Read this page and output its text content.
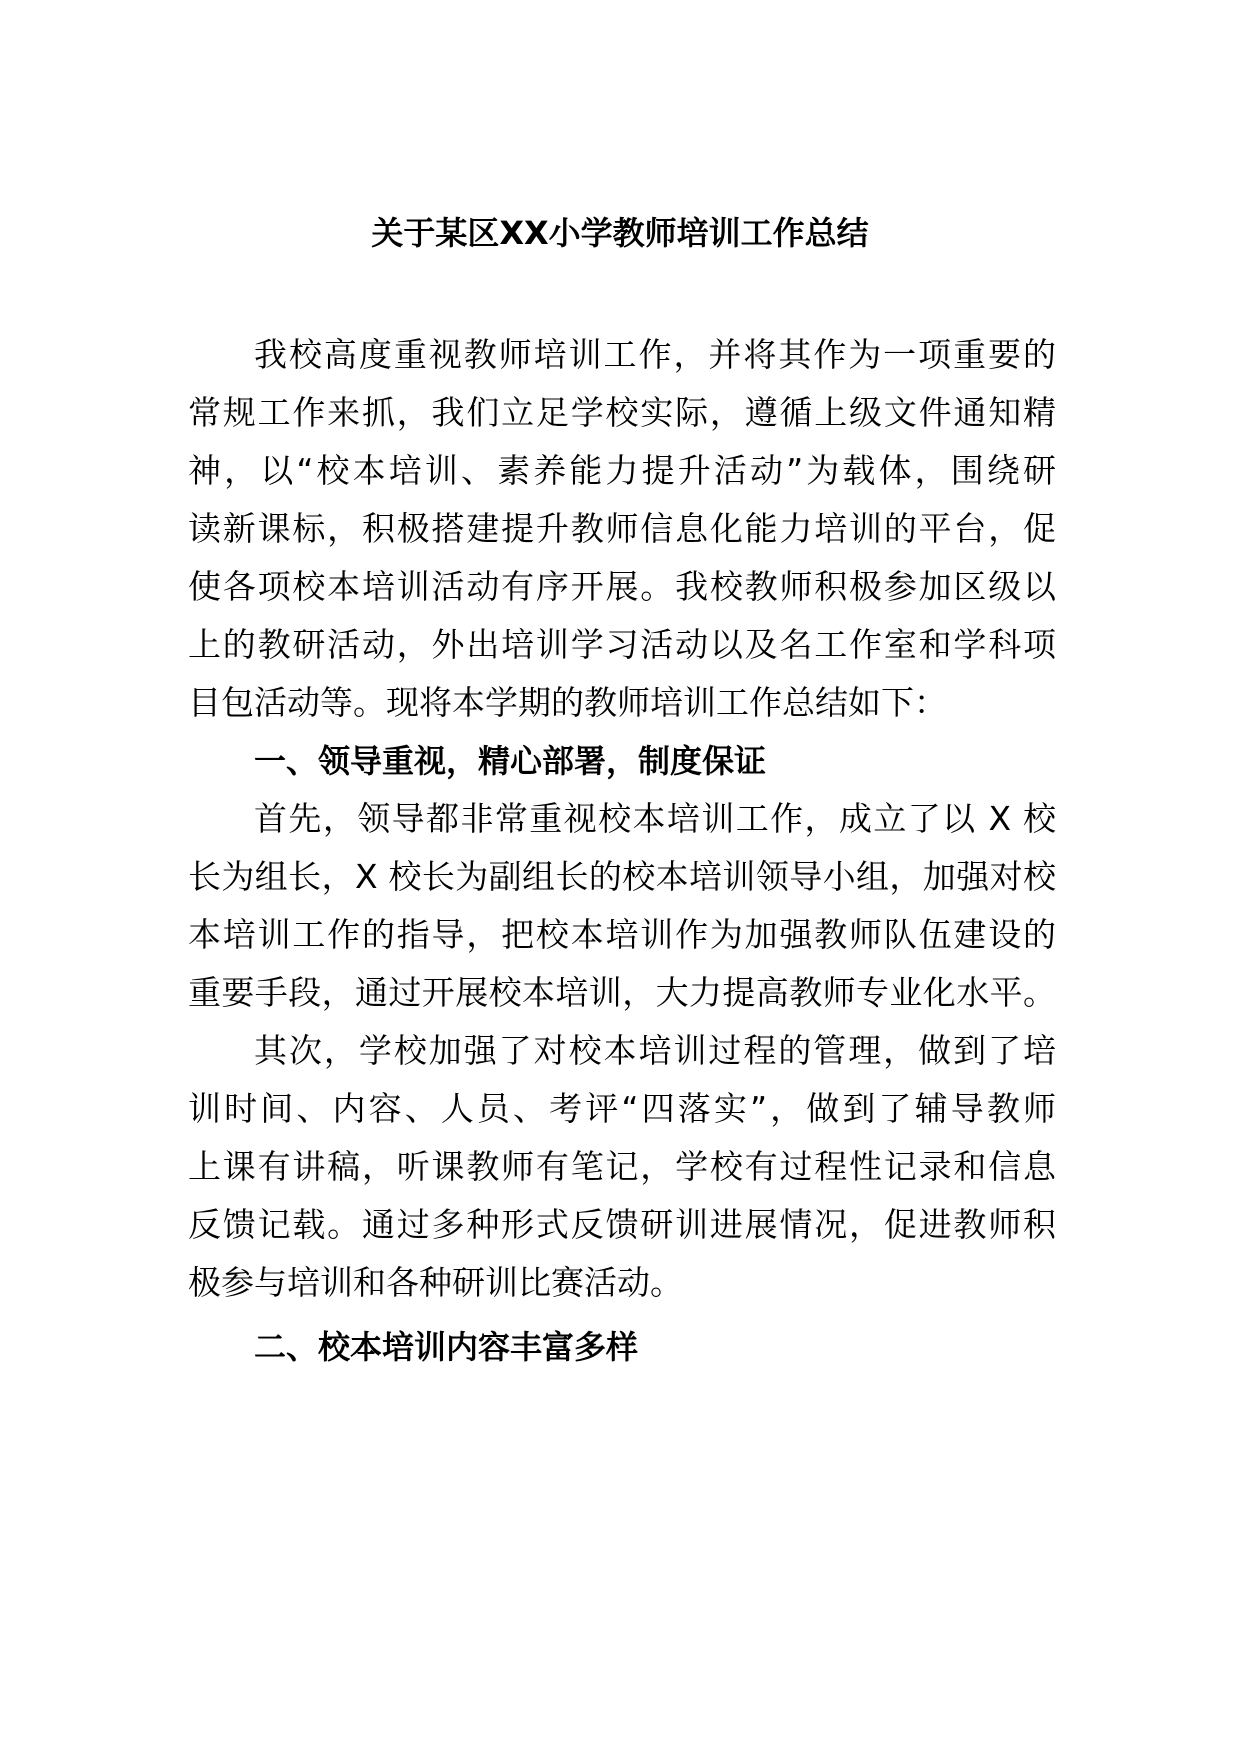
关于某区XX小学教师培训工作总结
我校高度重视教师培训工作，并将其作为一项重要的
常规工作来抓，我们立足学校实际，遵循上级文件通知精
神，以“校本培训、素养能力提升活动”为载体，围绕研
读新课标，积极搭建提升教师信息化能力培训的平台，促
使各项校本培训活动有序开展。我校教师积极参加区级以
上的教研活动，外出培训学习活动以及名工作室和学科项
目包活动等。现将本学期的教师培训工作总结如下：
一、领导重视，精心部署，制度保证
首先，领导都非常重视校本培训工作，成立了以 X 校
长为组长，X 校长为副组长的校本培训领导小组，加强对校
本培训工作的指导，把校本培训作为加强教师队伍建设的
重要手段，通过开展校本培训，大力提高教师专业化水平。
其次，学校加强了对校本培训过程的管理，做到了培
训时间、内容、人员、考评“四落实”，做到了辅导教师
上课有讲稿，听课教师有笔记，学校有过程性记录和信息
反馈记载。通过多种形式反馈研训进展情况，促进教师积
极参与培训和各种研训比赛活动。
二、校本培训内容丰富多样
